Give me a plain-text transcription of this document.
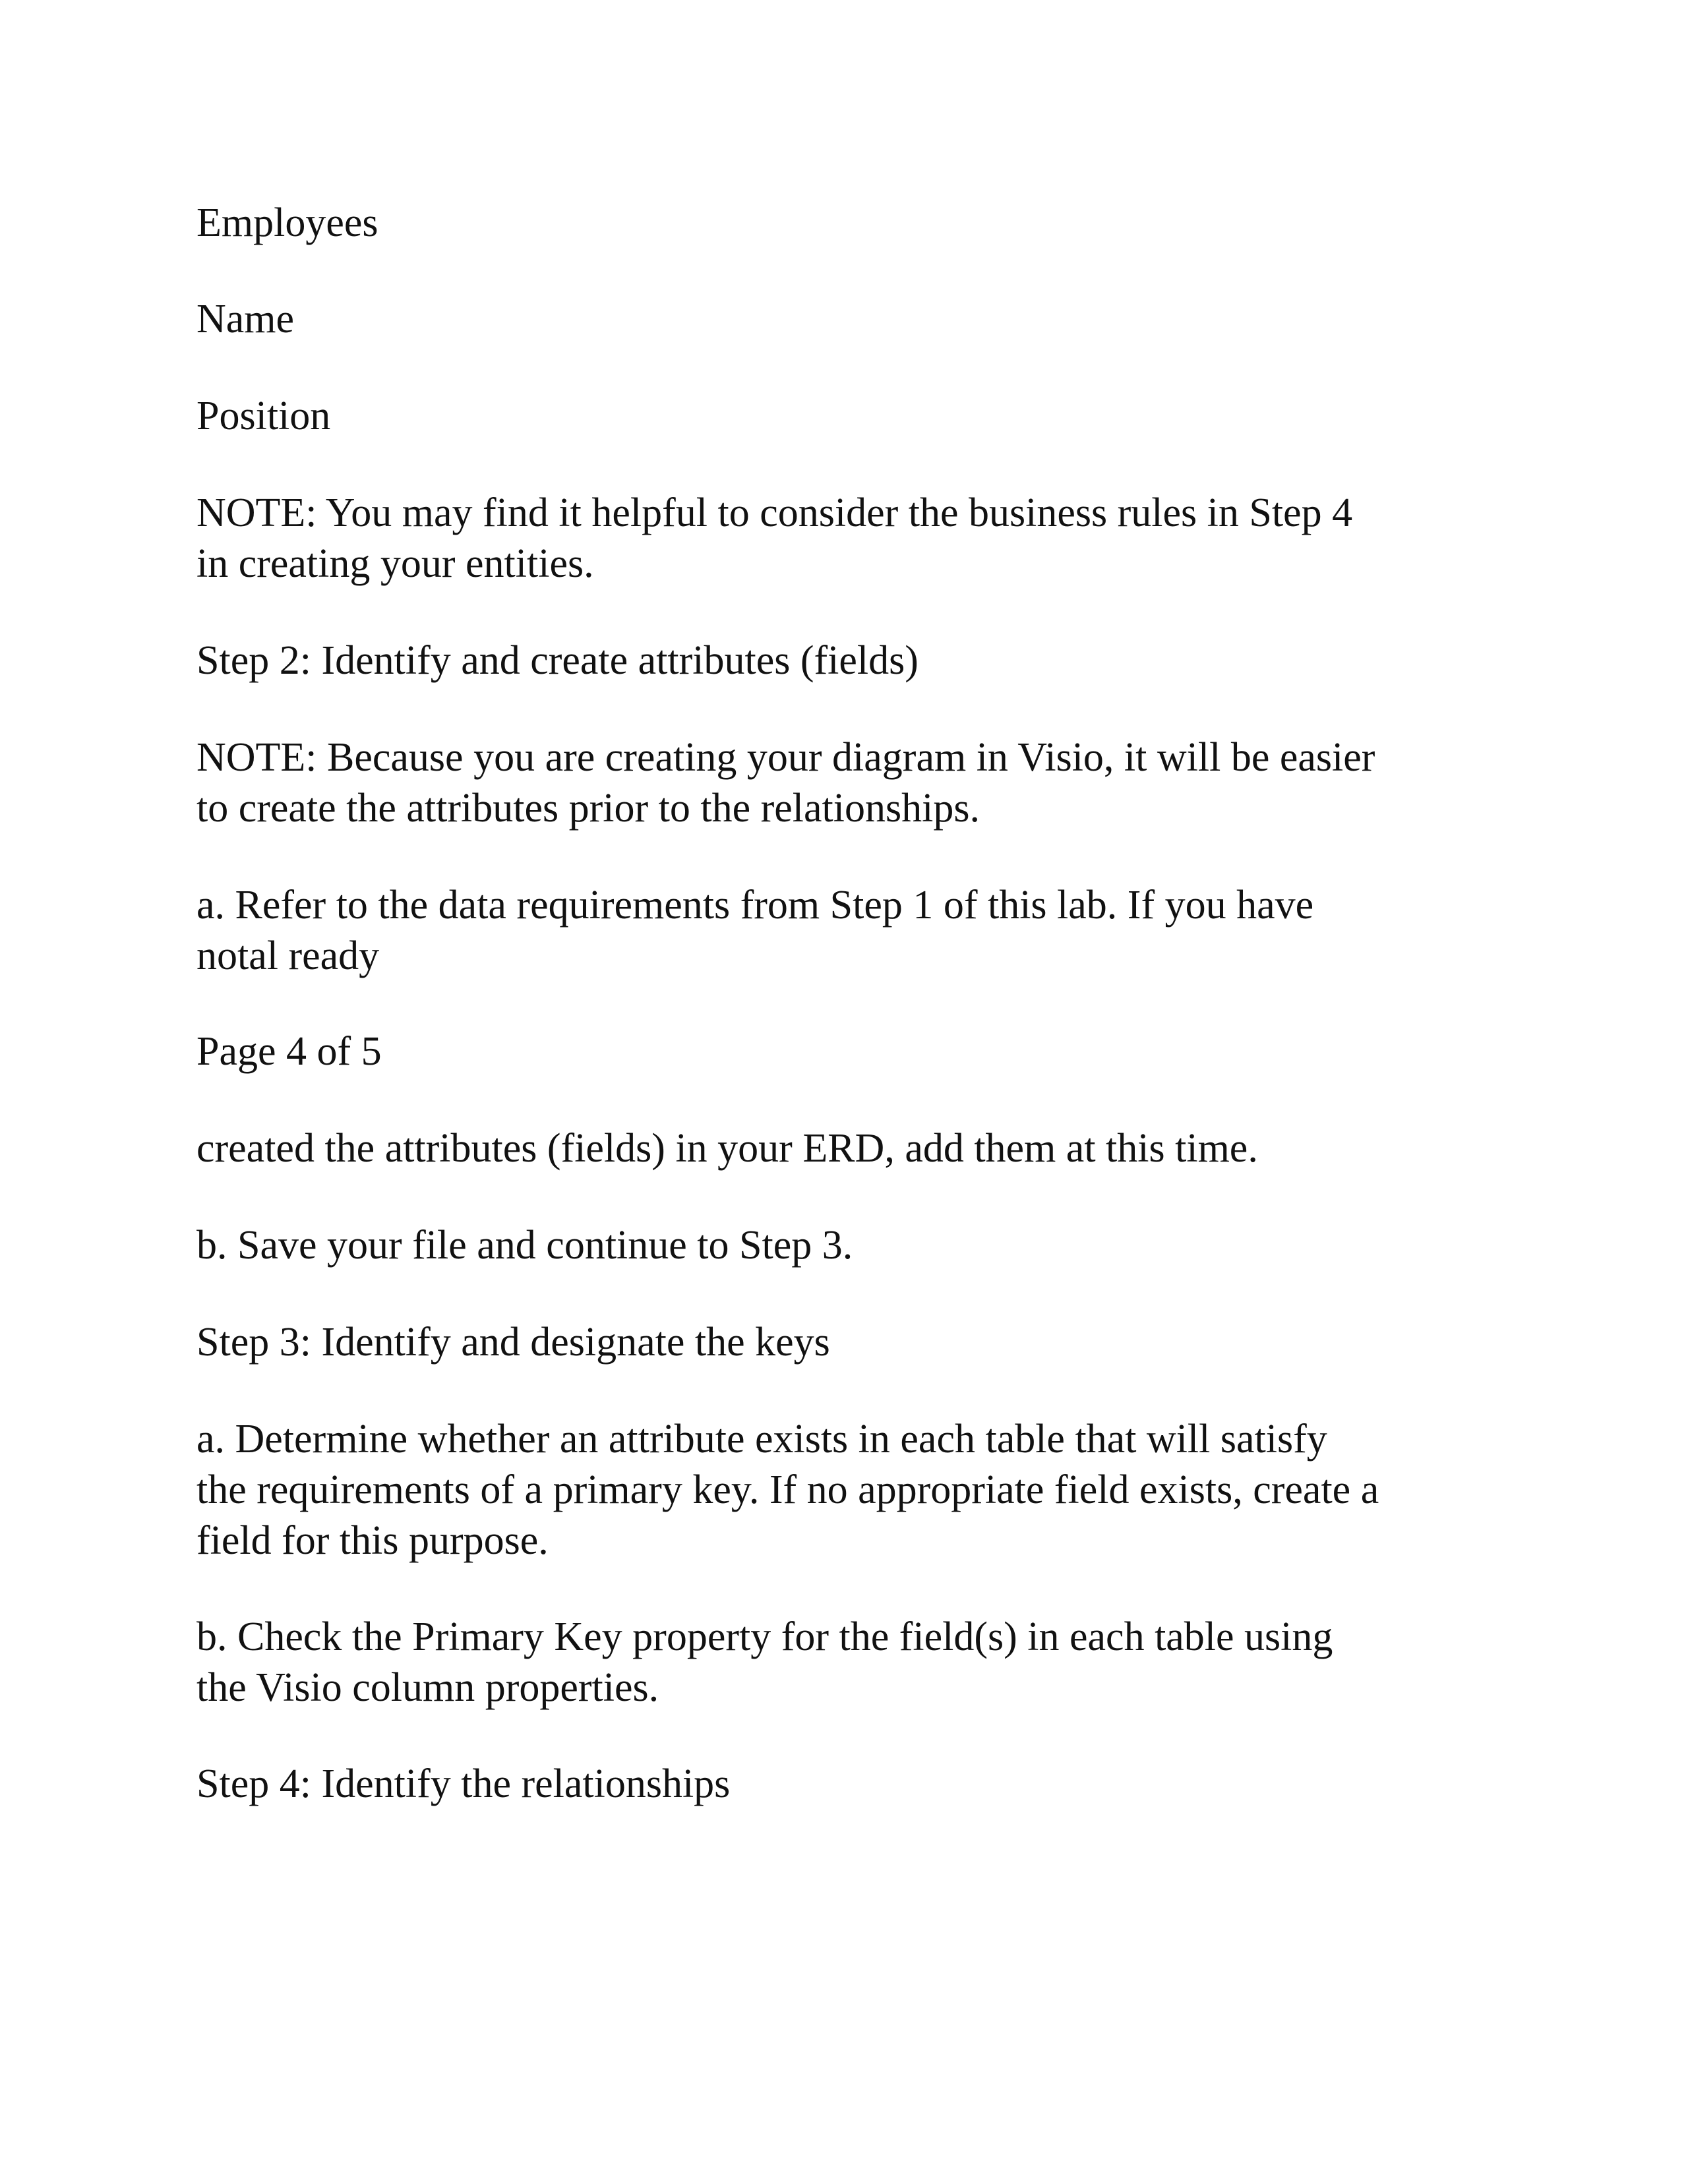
Employees

Name

Position

NOTE: You may find it helpful to consider the business rules in Step 4
in creating your entities.

Step 2: Identify and create attributes (fields)

NOTE: Because you are creating your diagram in Visio, it will be easier
to create the attributes prior to the relationships.

a. Refer to the data requirements from Step 1 of this lab. If you have
notal ready

Page 4 of 5

created the attributes (fields) in your ERD, add them at this time.

b. Save your file and continue to Step 3.

Step 3: Identify and designate the keys

a. Determine whether an attribute exists in each table that will satisfy
the requirements of a primary key. If no appropriate field exists, create a
field for this purpose.

b. Check the Primary Key property for the field(s) in each table using
the Visio column properties.

Step 4: Identify the relationships
